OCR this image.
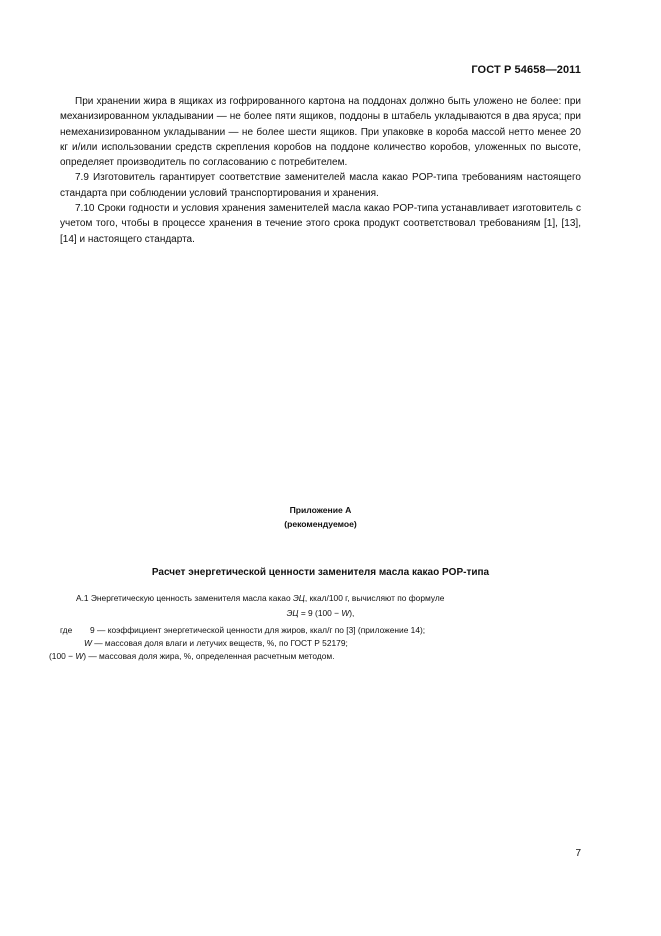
ГОСТ Р 54658—2011

При хранении жира в ящиках из гофрированного картона на поддонах должно быть уложено не более: при механизированном укладывании — не более пяти ящиков, поддоны в штабель укладываются в два яруса; при немеханизированном укладывании — не более шести ящиков. При упаковке в короба массой нетто менее 20 кг и/или использовании средств скрепления коробов на поддоне количество коробов, уложенных по высоте, определяет производитель по согласованию с потребителем.

7.9 Изготовитель гарантирует соответствие заменителей масла какао POP-типа требованиям настоящего стандарта при соблюдении условий транспортирования и хранения.

7.10 Сроки годности и условия хранения заменителей масла какао POP-типа устанавливает изготовитель с учетом того, чтобы в процессе хранения в течение этого срока продукт соответствовал требованиям [1], [13], [14] и настоящего стандарта.

Приложение А
(рекомендуемое)
Расчет энергетической ценности заменителя масла какао POP-типа
А.1 Энергетическую ценность заменителя масла какао ЭЦ, ккал/100 г, вычисляют по формуле
ЭЦ = 9 (100 − W),
где 9 — коэффициент энергетической ценности для жиров, ккал/г по [3] (приложение 14);
W — массовая доля влаги и летучих веществ, %, по ГОСТ Р 52179;
(100 − W) — массовая доля жира, %, определенная расчетным методом.
7
